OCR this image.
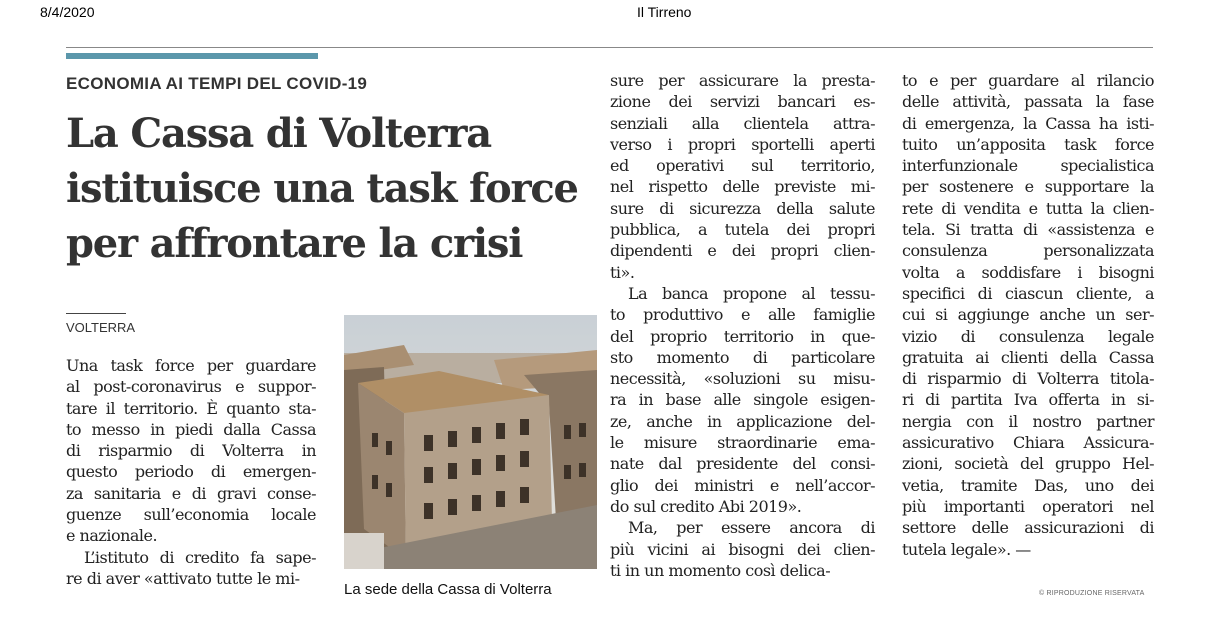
8/4/2020	Il Tirreno
ECONOMIA AI TEMPI DEL COVID-19
La Cassa di Volterra
istituisce una task force
per affrontare la crisi
VOLTERRA
Una task force per guardare
al post-coronavirus e suppor-
tare il territorio. È quanto sta-
to messo in piedi dalla Cassa
di risparmio di Volterra in
questo periodo di emergen-
za sanitaria e di gravi conse-
guenze sull’economia locale
e nazionale.
L’istituto di credito fa sape-
re di aver «attivato tutte le mi-
sure per assicurare la presta-
zione dei servizi bancari es-
senziali alla clientela attra-
verso i propri sportelli aperti
ed operativi sul territorio,
nel rispetto delle previste mi-
sure di sicurezza della salute
pubblica, a tutela dei propri
dipendenti e dei propri clien-
ti».
La banca propone al tessu-
to produttivo e alle famiglie
del proprio territorio in que-
sto momento di particolare
necessità, «soluzioni su misu-
ra in base alle singole esigen-
ze, anche in applicazione del-
le misure straordinarie ema-
nate dal presidente del consi-
glio dei ministri e nell’accor-
do sul credito Abi 2019».
Ma, per essere ancora di
più vicini ai bisogni dei clien-
ti in un momento così delica-
to e per guardare al rilancio
delle attività, passata la fase
di emergenza, la Cassa ha isti-
tuito un’apposita task force
interfunzionale specialistica
per sostenere e supportare la
rete di vendita e tutta la clien-
tela. Si tratta di «assistenza e
consulenza personalizzata
volta a soddisfare i bisogni
specifici di ciascun cliente, a
cui si aggiunge anche un ser-
vizio di consulenza legale
gratuita ai clienti della Cassa
di risparmio di Volterra titola-
ri di partita Iva offerta in si-
nergia con il nostro partner
assicurativo Chiara Assicura-
zioni, società del gruppo Hel-
vetia, tramite Das, uno dei
più importanti operatori nel
settore delle assicurazioni di
tutela legale». —
La sede della Cassa di Volterra	© RIPRODUZIONE RISERVATA
